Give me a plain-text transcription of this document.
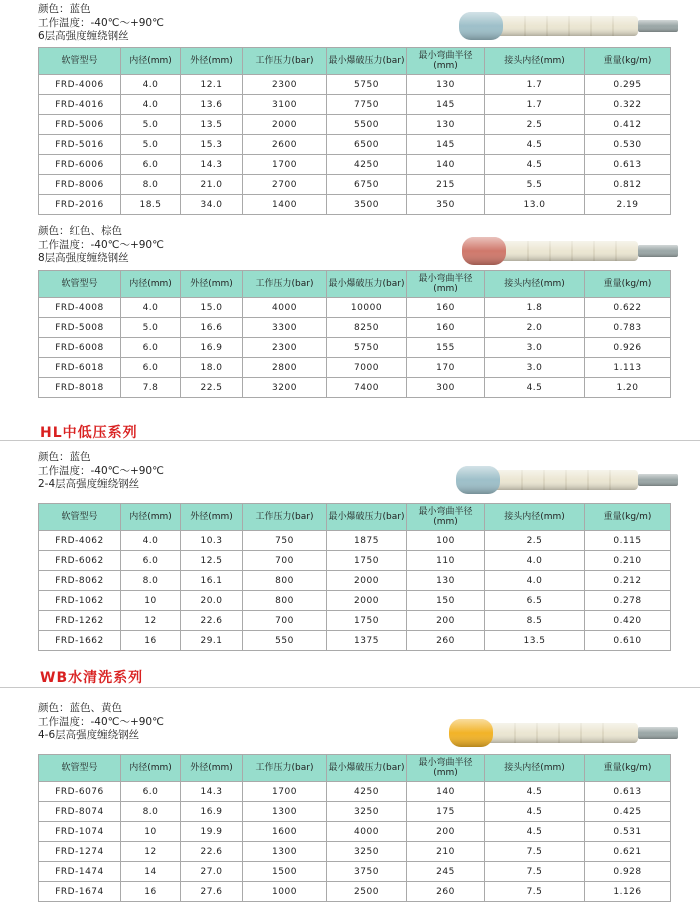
颜色：蓝色
工作温度：-40℃～+90℃
6层高强度缠绕钢丝
软管型号	内径(mm)	外径(mm)	工作压力(bar)	最小爆破压力(bar)	最小弯曲半径(mm)	接头内径(mm)	重量(kg/m)
FRD-4006	4.0	12.1	2300	5750	130	1.7	0.295
FRD-4016	4.0	13.6	3100	7750	145	1.7	0.322
FRD-5006	5.0	13.5	2000	5500	130	2.5	0.412
FRD-5016	5.0	15.3	2600	6500	145	4.5	0.530
FRD-6006	6.0	14.3	1700	4250	140	4.5	0.613
FRD-8006	8.0	21.0	2700	6750	215	5.5	0.812
FRD-2016	18.5	34.0	1400	3500	350	13.0	2.19
颜色：红色、棕色
工作温度：-40℃～+90℃
8层高强度缠绕钢丝
软管型号	内径(mm)	外径(mm)	工作压力(bar)	最小爆破压力(bar)	最小弯曲半径(mm)	接头内径(mm)	重量(kg/m)
FRD-4008	4.0	15.0	4000	10000	160	1.8	0.622
FRD-5008	5.0	16.6	3300	8250	160	2.0	0.783
FRD-6008	6.0	16.9	2300	5750	155	3.0	0.926
FRD-6018	6.0	18.0	2800	7000	170	3.0	1.113
FRD-8018	7.8	22.5	3200	7400	300	4.5	1.20
HL中低压系列
颜色：蓝色
工作温度：-40℃～+90℃
2-4层高强度缠绕钢丝
软管型号	内径(mm)	外径(mm)	工作压力(bar)	最小爆破压力(bar)	最小弯曲半径(mm)	接头内径(mm)	重量(kg/m)
FRD-4062	4.0	10.3	750	1875	100	2.5	0.115
FRD-6062	6.0	12.5	700	1750	110	4.0	0.210
FRD-8062	8.0	16.1	800	2000	130	4.0	0.212
FRD-1062	10	20.0	800	2000	150	6.5	0.278
FRD-1262	12	22.6	700	1750	200	8.5	0.420
FRD-1662	16	29.1	550	1375	260	13.5	0.610
WB水清洗系列
颜色：蓝色、黄色
工作温度：-40℃～+90℃
4-6层高强度缠绕钢丝
软管型号	内径(mm)	外径(mm)	工作压力(bar)	最小爆破压力(bar)	最小弯曲半径(mm)	接头内径(mm)	重量(kg/m)
FRD-6076	6.0	14.3	1700	4250	140	4.5	0.613
FRD-8074	8.0	16.9	1300	3250	175	4.5	0.425
FRD-1074	10	19.9	1600	4000	200	4.5	0.531
FRD-1274	12	22.6	1300	3250	210	7.5	0.621
FRD-1474	14	27.0	1500	3750	245	7.5	0.928
FRD-1674	16	27.6	1000	2500	260	7.5	1.126
